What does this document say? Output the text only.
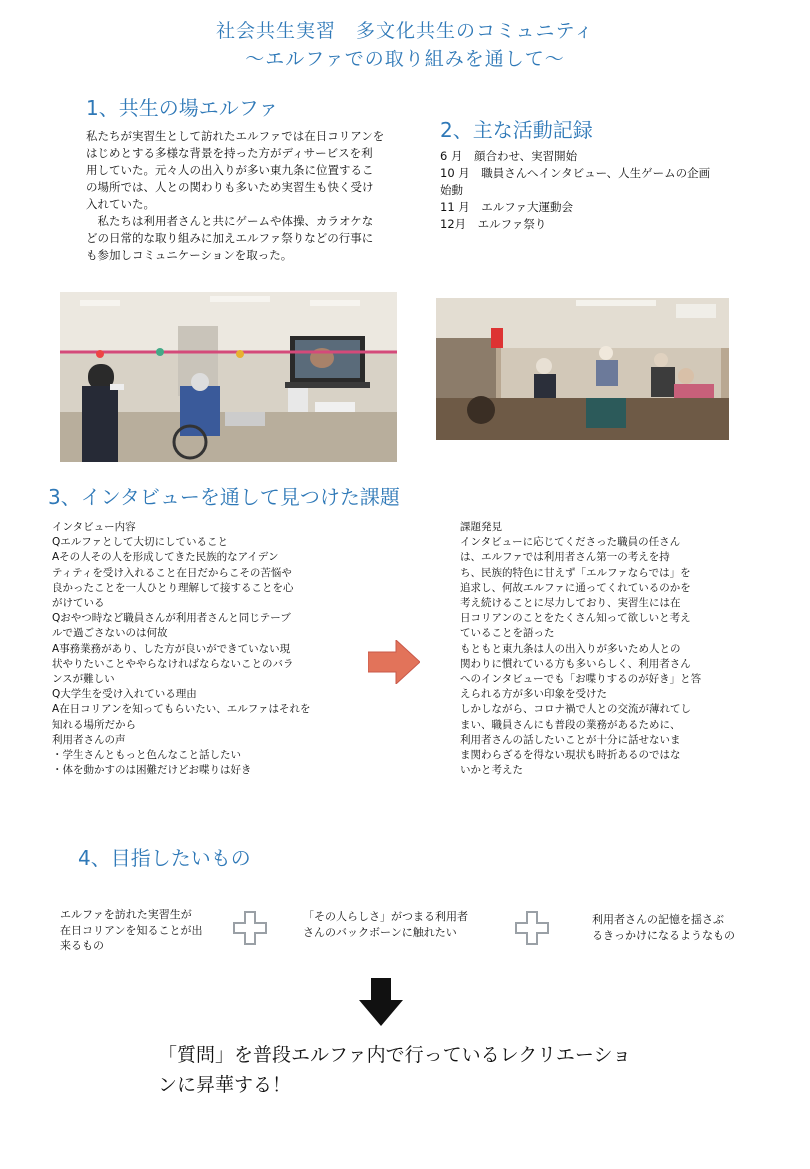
社会共生実習　多文化共生のコミュニティ
〜エルファでの取り組みを通して〜
1、共生の場エルファ
私たちが実習生として訪れたエルファでは在日コリアンを
はじめとする多様な背景を持った方がディサービスを利
用していた。元々人の出入りが多い東九条に位置するこ
の場所では、人との関わりも多いため実習生も快く受け
入れていた。
　私たちは利用者さんと共にゲームや体操、カラオケな
どの日常的な取り組みに加えエルファ祭りなどの行事に
も参加しコミュニケーションを取った。
2、主な活動記録
6 月　顔合わせ、実習開始
10 月　職員さんへインタビュー、人生ゲームの企画
始動
11 月　エルファ大運動会
12月　エルファ祭り
3、インタビューを通して見つけた課題
インタビュー内容
Qエルファとして大切にしていること
Aその人その人を形成してきた民族的なアイデン
ティティを受け入れること在日だからこその苦悩や
良かったことを一人ひとり理解して接することを心
がけている
Qおやつ時など職員さんが利用者さんと同じテーブ
ルで過ごさないのは何故
A事務業務があり、した方が良いができていない現
状やりたいことややらなければならないことのバラ
ンスが難しい
Q大学生を受け入れている理由
A在日コリアンを知ってもらいたい、エルファはそれを
知れる場所だから
利用者さんの声
・学生さんともっと色んなこと話したい
・体を動かすのは困難だけどお喋りは好き
課題発見
インタビューに応じてくださった職員の任さん
は、エルファでは利用者さん第一の考えを持
ち、民族的特色に甘えず「エルファならでは」を
追求し、何故エルファに通ってくれているのかを
考え続けることに尽力しており、実習生には在
日コリアンのことをたくさん知って欲しいと考え
ていることを語った
もともと東九条は人の出入りが多いため人との
関わりに慣れている方も多いらしく、利用者さん
へのインタビューでも「お喋りするのが好き」と答
えられる方が多い印象を受けた
しかしながら、コロナ禍で人との交流が薄れてし
まい、職員さんにも普段の業務があるために、
利用者さんの話したいことが十分に話せないま
ま関わらざるを得ない現状も時折あるのではな
いかと考えた
4、目指したいもの
エルファを訪れた実習生が
在日コリアンを知ることが出
来るもの
「その人らしさ」がつまる利用者
さんのバックボーンに触れたい
利用者さんの記憶を揺さぶ
るきっかけになるようなもの
「質問」を普段エルファ内で行っているレクリエーショ
ンに昇華する！
